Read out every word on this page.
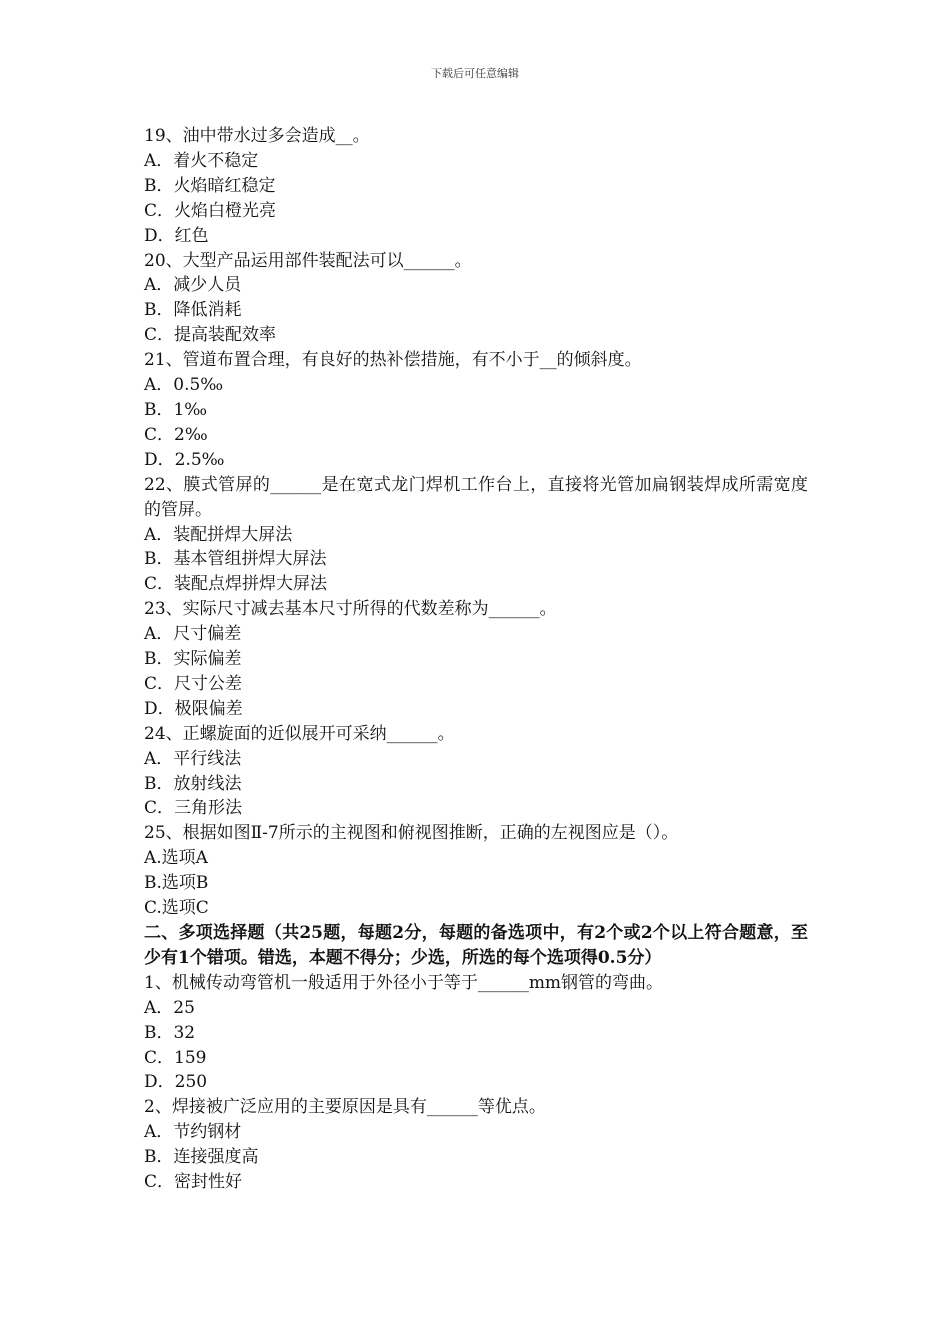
下载后可任意编辑
19、油中带水过多会造成__。
A．着火不稳定
B．火焰暗红稳定
C．火焰白橙光亮
D．红色
20、大型产品运用部件装配法可以______。
A．减少人员
B．降低消耗
C．提高装配效率
21、管道布置合理，有良好的热补偿措施，有不小于__的倾斜度。
A．0.5‰
B．1‰
C．2‰
D．2.5‰
22、膜式管屏的______是在宽式龙门焊机工作台上，直接将光管加扁钢装焊成所需宽度的管屏。
A．装配拼焊大屏法
B．基本管组拼焊大屏法
C．装配点焊拼焊大屏法
23、实际尺寸减去基本尺寸所得的代数差称为______。
A．尺寸偏差
B．实际偏差
C．尺寸公差
D．极限偏差
24、正螺旋面的近似展开可采纳______。
A．平行线法
B．放射线法
C．三角形法
25、根据如图Ⅱ-7所示的主视图和俯视图推断，正确的左视图应是（）。
A.选项A
B.选项B
C.选项C
二、多项选择题（共25题，每题2分，每题的备选项中，有2个或2个以上符合题意，至少有1个错项。错选，本题不得分；少选，所选的每个选项得0.5分）
1、机械传动弯管机一般适用于外径小于等于______mm钢管的弯曲。
A．25
B．32
C．159
D．250
2、焊接被广泛应用的主要原因是具有______等优点。
A．节约钢材
B．连接强度高
C．密封性好
